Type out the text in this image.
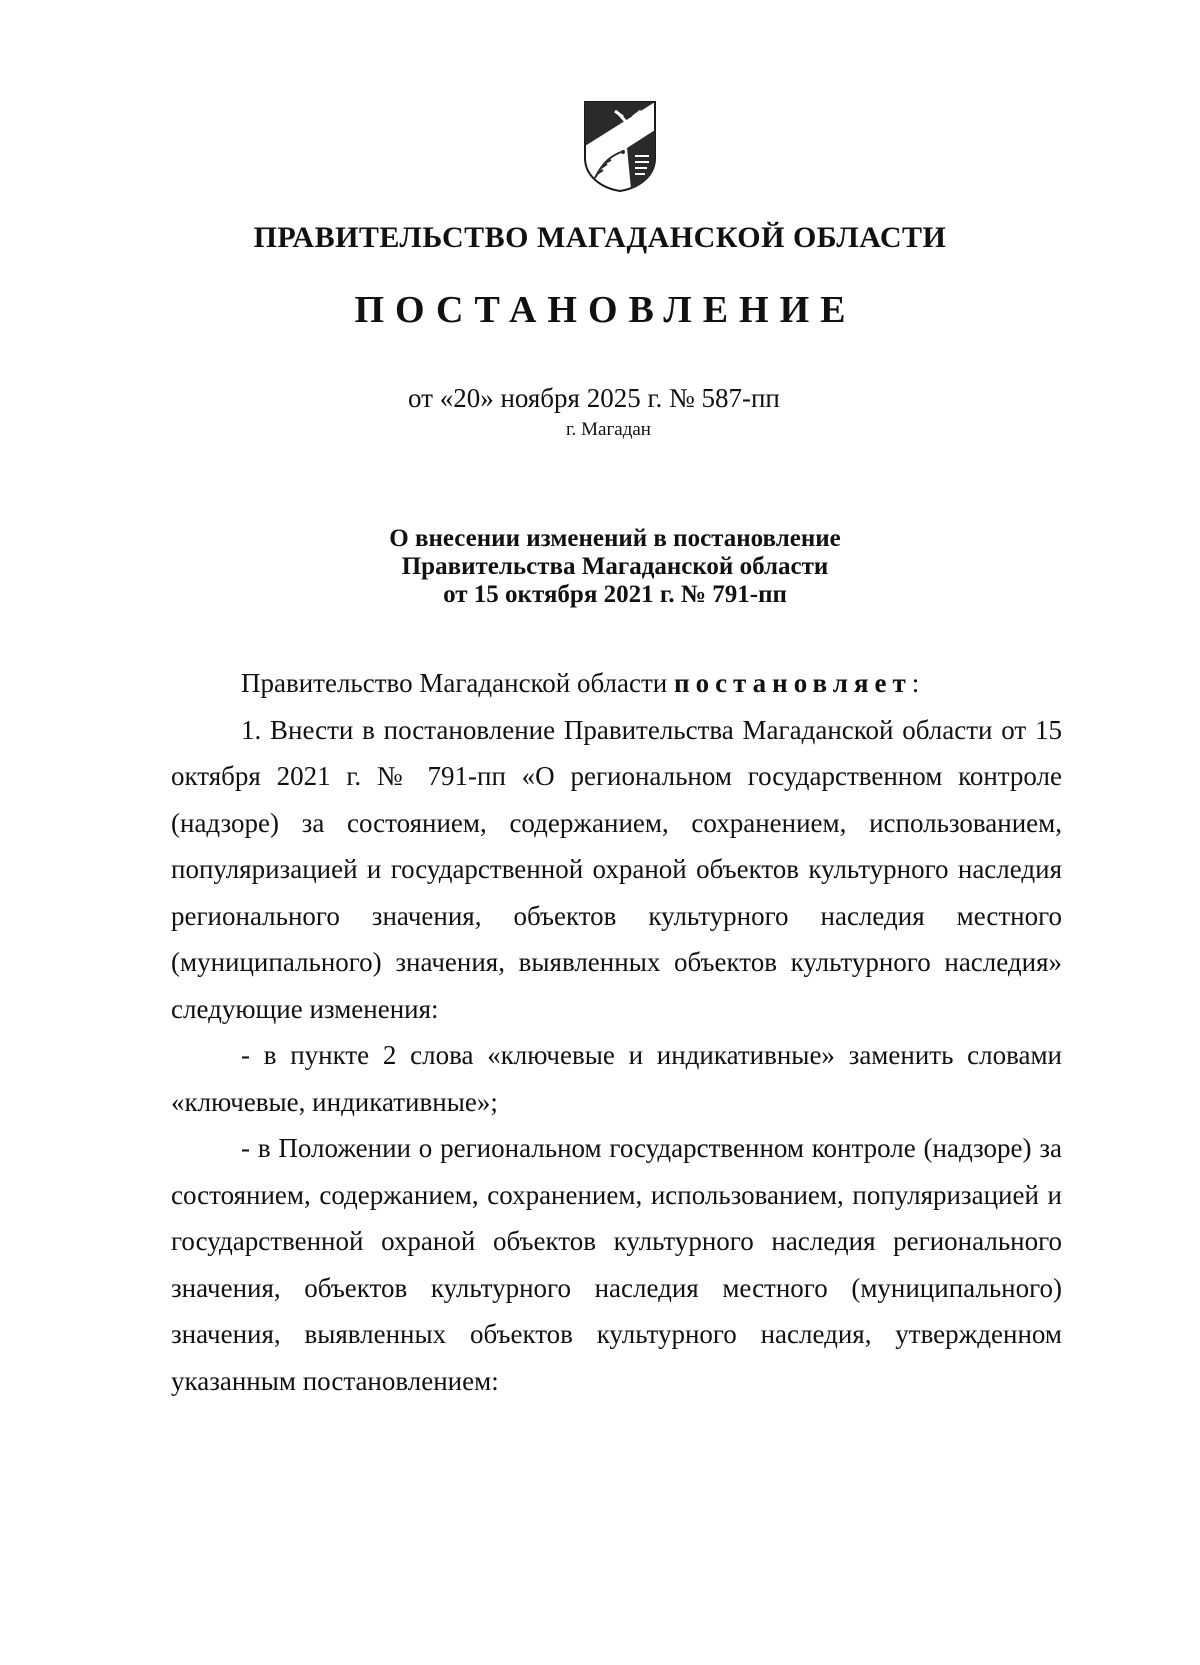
ПРАВИТЕЛЬСТВО МАГАДАНСКОЙ ОБЛАСТИ
ПОСТАНОВЛЕНИЕ
от «20» ноября 2025 г. № 587-пп
г. Магадан
О внесении изменений в постановление
Правительства Магаданской области
от 15 октября 2021 г. № 791-пп

Правительство Магаданской области постановляет:

1. Внести в постановление Правительства Магаданской области от 15 октября 2021 г. № 791-пп «О региональном государственном контроле (надзоре) за состоянием, содержанием, сохранением, использованием, популяризацией и государственной охраной объектов культурного наследия регионального значения, объектов культурного наследия местного (муниципального) значения, выявленных объектов культурного наследия» следующие изменения:

- в пункте 2 слова «ключевые и индикативные» заменить словами «ключевые, индикативные»;

- в Положении о региональном государственном контроле (надзоре) за состоянием, содержанием, сохранением, использованием, популяризацией и государственной охраной объектов культурного наследия регионального значения, объектов культурного наследия местного (муниципального) значения, выявленных объектов культурного наследия, утвержденном указанным постановлением:
